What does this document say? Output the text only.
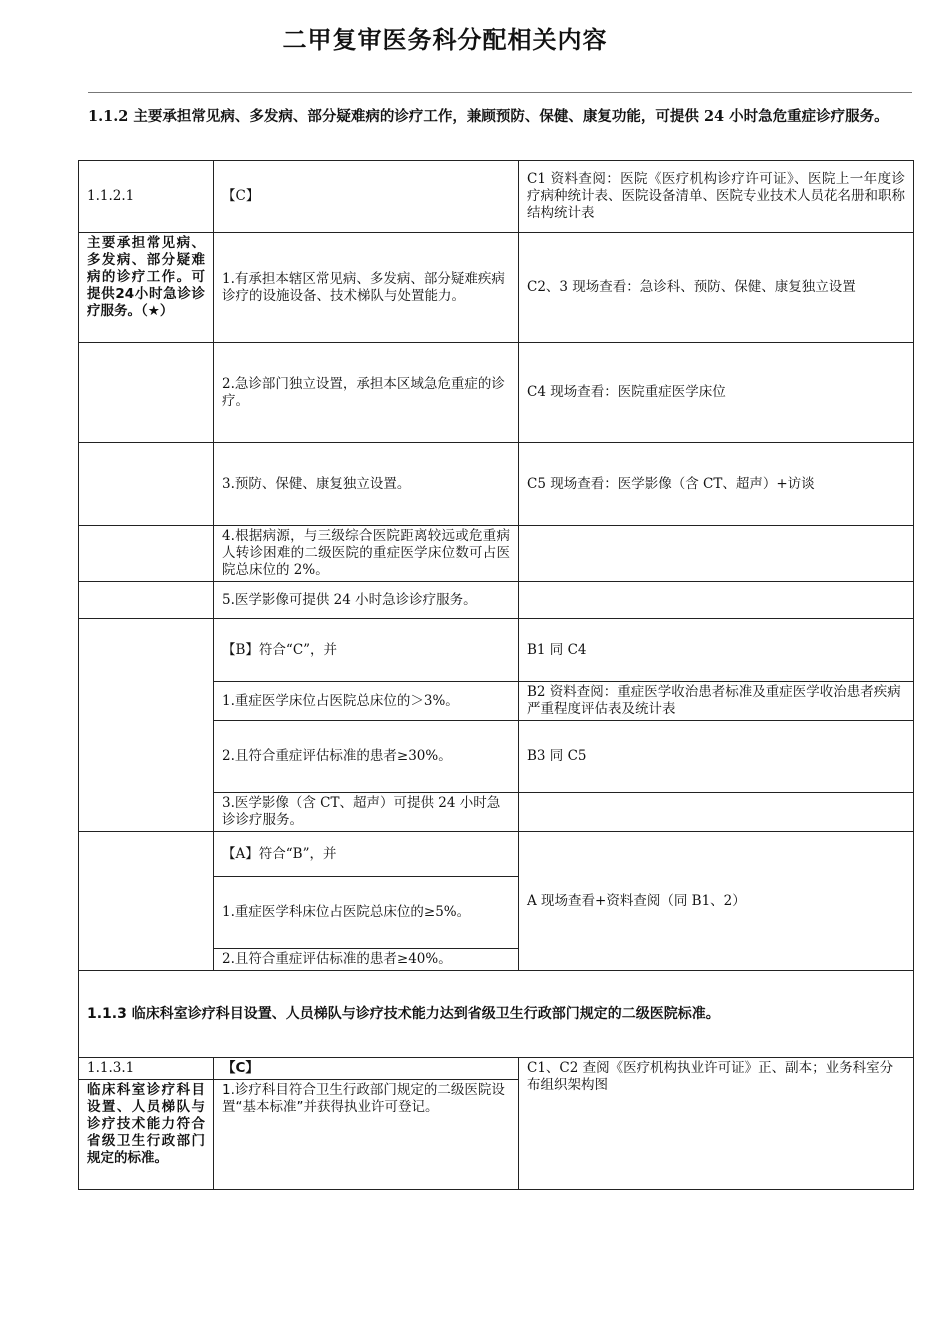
二甲复审医务科分配相关内容
1.1.2 主要承担常见病、多发病、部分疑难病的诊疗工作，兼顾预防、保健、康复功能，可提供 24 小时急危重症诊疗服务。
1.1.2.1	【C】	C1 资料查阅：医院《医疗机构诊疗许可证》、医院上一年度诊疗病种统计表、医院设备清单、医院专业技术人员花名册和职称结构统计表
主要承担常见病、多发病、部分疑难病的诊疗工作。可提供24小时急诊诊疗服务。（★）	1.有承担本辖区常见病、多发病、部分疑难疾病诊疗的设施设备、技术梯队与处置能力。	C2、3 现场查看：急诊科、预防、保健、康复独立设置
	2.急诊部门独立设置，承担本区域急危重症的诊疗。	C4 现场查看：医院重症医学床位
	3.预防、保健、康复独立设置。	C5 现场查看：医学影像（含 CT、超声）+访谈
	4.根据病源，与三级综合医院距离较远或危重病人转诊困难的二级医院的重症医学床位数可占医院总床位的 2%。	
	5.医学影像可提供 24 小时急诊诊疗服务。	
	【B】符合“C”，并	B1 同 C4
	1.重症医学床位占医院总床位的＞3%。	B2 资料查阅：重症医学收治患者标准及重症医学收治患者疾病严重程度评估表及统计表
	2.且符合重症评估标准的患者≥30%。	B3 同 C5
	3.医学影像（含 CT、超声）可提供 24 小时急诊诊疗服务。	
	【A】符合“B”，并	A 现场查看+资料查阅（同 B1、2）
	1.重症医学科床位占医院总床位的≥5%。	
	2.且符合重症评估标准的患者≥40%。	
1.1.3 临床科室诊疗科目设置、人员梯队与诊疗技术能力达到省级卫生行政部门规定的二级医院标准。		
1.1.3.1	【C】	C1、C2 查阅《医疗机构执业许可证》正、副本；业务科室分布组织架构图
临床科室诊疗科目设置、人员梯队与诊疗技术能力符合省级卫生行政部门规定的标准。	1.诊疗科目符合卫生行政部门规定的二级医院设置“基本标准”并获得执业许可登记。	
